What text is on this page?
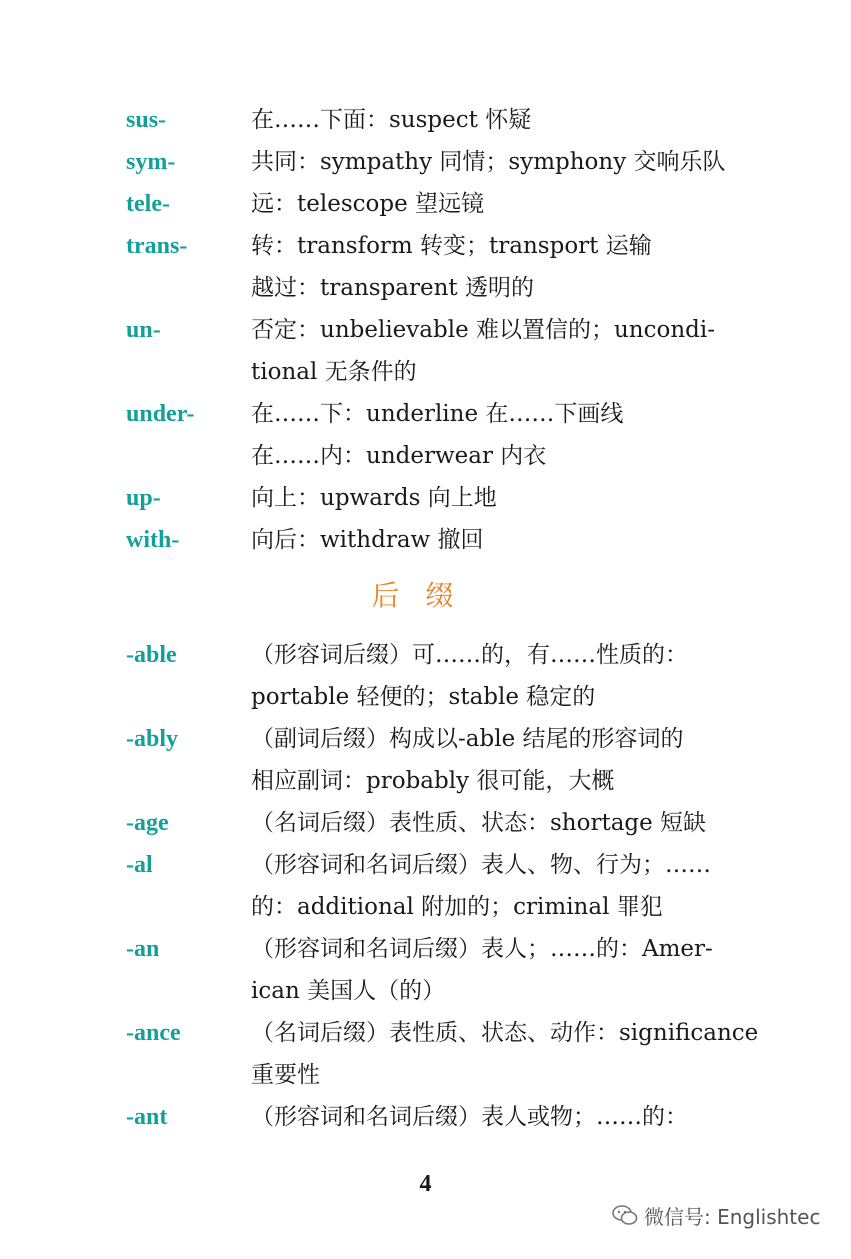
sus-	在……下面：suspect 怀疑
sym-	共同：sympathy 同情；symphony 交响乐队
tele-	远：telescope 望远镜
trans-	转：transform 转变；transport 运输
越过：transparent 透明的
un-	否定：unbelievable 难以置信的；uncondi-
tional 无条件的
under- 在……下：underline 在……下画线
在……内：underwear 内衣
up-	向上：upwards 向上地
with-	向后：withdraw 撤回
后缀
-able	（形容词后缀）可……的，有……性质的：
portable 轻便的；stable 稳定的
-ably	（副词后缀）构成以-able 结尾的形容词的
相应副词：probably 很可能，大概
-age	（名词后缀）表性质、状态：shortage 短缺
-al	（形容词和名词后缀）表人、物、行为；……
的：additional 附加的；criminal 罪犯
-an	（形容词和名词后缀）表人；……的：Amer-
ican 美国人（的）
-ance	（名词后缀）表性质、状态、动作：significance
重要性
-ant	（形容词和名词后缀）表人或物；……的：
4
微信号: Englishtec
